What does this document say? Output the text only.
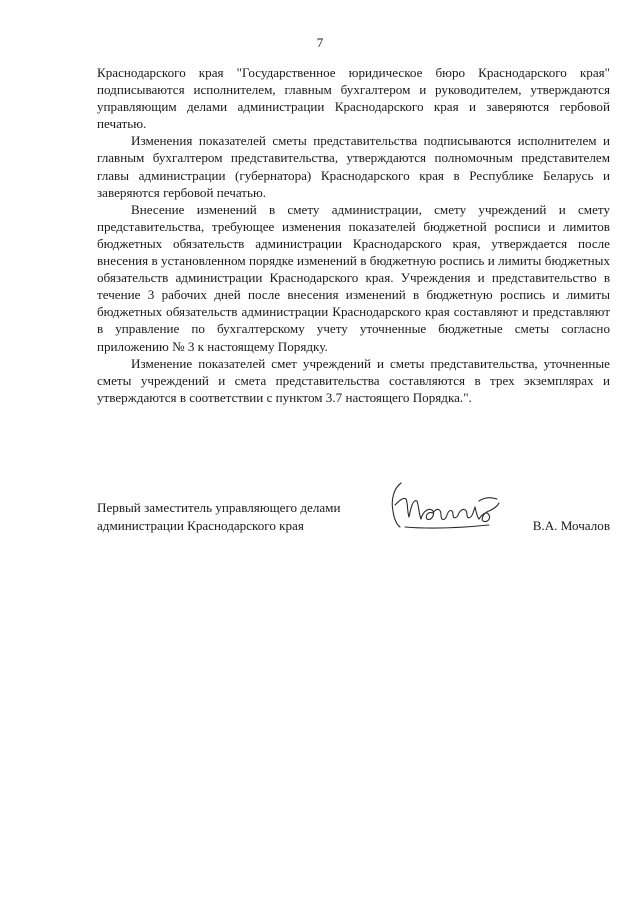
7

Краснодарского края "Государственное юридическое бюро Краснодарского края" подписываются исполнителем, главным бухгалтером и руководителем, утверждаются управляющим делами администрации Краснодарского края и заверяются гербовой печатью.

Изменения показателей сметы представительства подписываются исполнителем и главным бухгалтером представительства, утверждаются полномочным представителем главы администрации (губернатора) Краснодарского края в Республике Беларусь и заверяются гербовой печатью.

Внесение изменений в смету администрации, смету учреждений и смету представительства, требующее изменения показателей бюджетной росписи и лимитов бюджетных обязательств администрации Краснодарского края, утверждается после внесения в установленном порядке изменений в бюджетную роспись и лимиты бюджетных обязательств администрации Краснодарского края. Учреждения и представительство в течение 3 рабочих дней после внесения изменений в бюджетную роспись и лимиты бюджетных обязательств администрации Краснодарского края составляют и представляют в управление по бухгалтерскому учету уточненные бюджетные сметы согласно приложению № 3 к настоящему Порядку.

Изменение показателей смет учреждений и сметы представительства, уточненные сметы учреждений и смета представительства составляются в трех экземплярах и утверждаются в соответствии с пунктом 3.7 настоящего Порядка.".

Первый заместитель управляющего делами
администрации Краснодарского края	В.А. Мочалов
